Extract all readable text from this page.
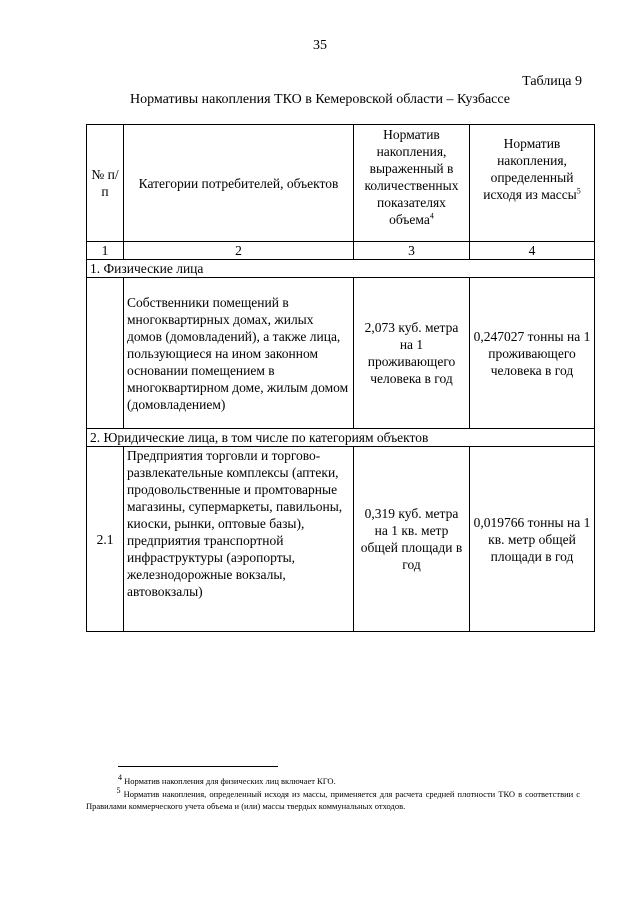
35
Таблица 9
Нормативы накопления ТКО в Кемеровской области – Кузбассе
№ п/п	Категории потребителей, объектов	Норматив накопления, выраженный в количественных показателях объема$^4$	Норматив накопления, определенный исходя из массы$^5$
1	2	3	4
1. Физические лица			
	Собственники помещений в многоквартирных домах, жилых домов (домовладений), а также лица, пользующиеся на ином законном основании помещением в многоквартирном доме, жилым домом (домовладением)	2,073 куб. метра на 1 проживающего человека в год	0,247027 тонны на 1 проживающего человека в год
2. Юридические лица, в том числе по категориям объектов			
2.1	Предприятия торговли и торгово-развлекательные комплексы (аптеки, продовольственные и промтоварные магазины, супермаркеты, павильоны, киоски, рынки, оптовые базы), предприятия транспортной инфраструктуры (аэропорты, железнодорожные вокзалы, автовокзалы)	0,319 куб. метра на 1 кв. метр общей площади в год	0,019766 тонны на 1 кв. метр общей площади в год
$^4$ Норматив накопления для физических лиц включает КГО.
$^5$ Норматив накопления, определенный исходя из массы, применяется для расчета средней плотности ТКО в соответствии с Правилами коммерческого учета объема и (или) массы твердых коммунальных отходов.
